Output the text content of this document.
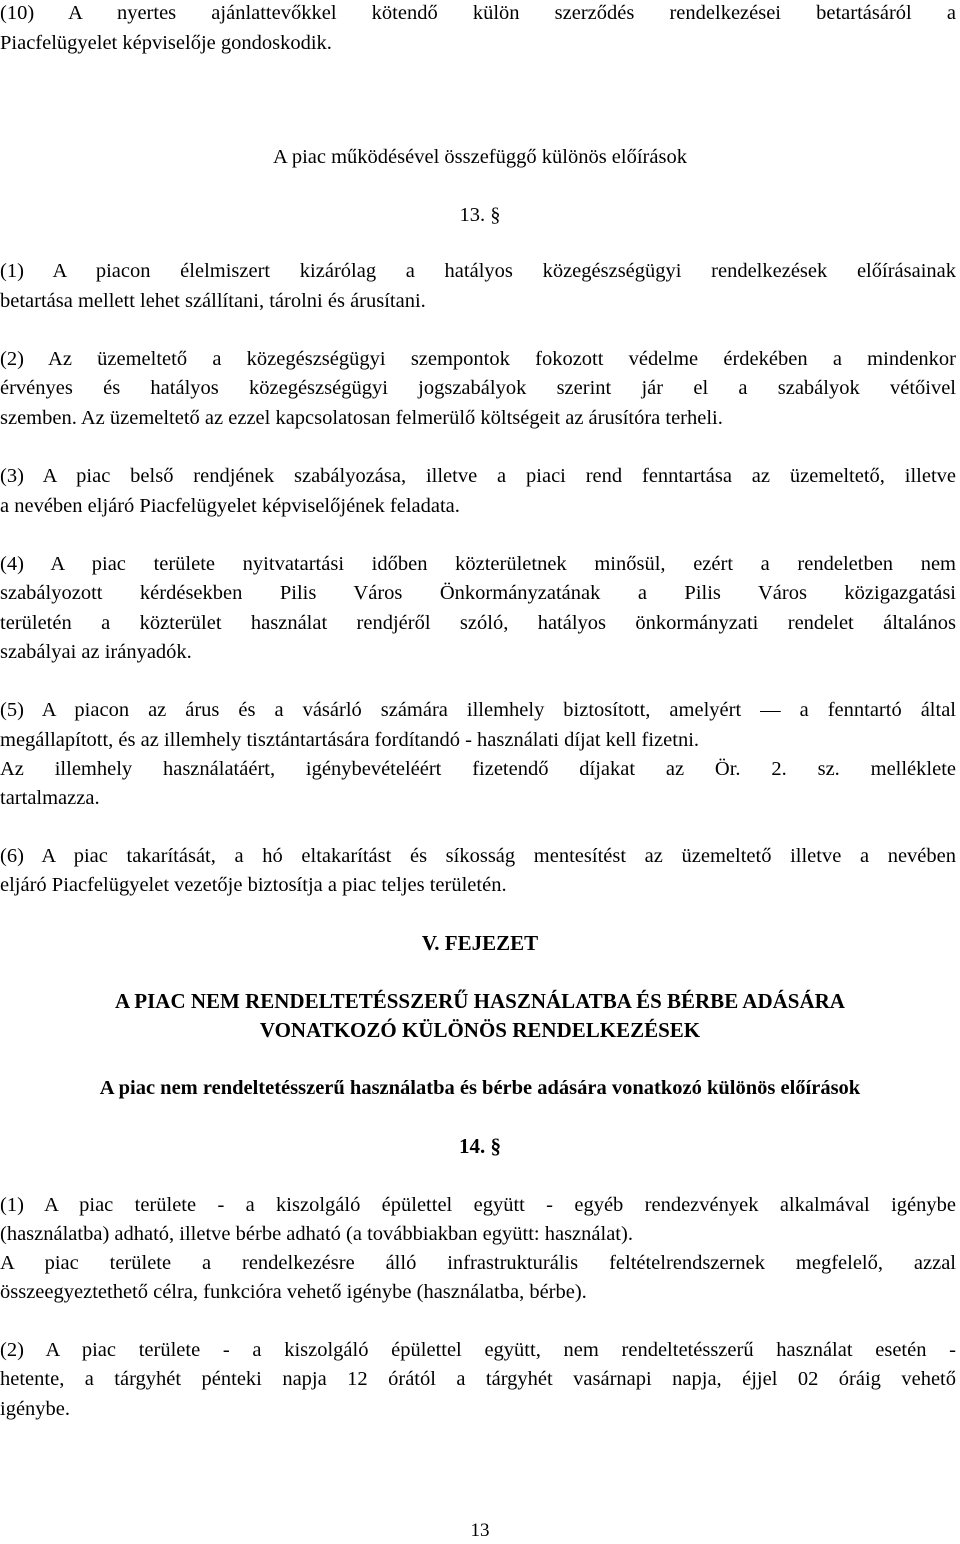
(10) A nyertes ajánlattevőkkel kötendő külön szerződés rendelkezései betartásáról a

Piacfelügyelet képviselője gondoskodik.

A piac működésével összefüggő különös előírások

13. §

(1) A piacon élelmiszert kizárólag a hatályos közegészségügyi rendelkezések előírásainak

betartása mellett lehet szállítani, tárolni és árusítani.

(2) Az üzemeltető a közegészségügyi szempontok fokozott védelme érdekében a mindenkor

érvényes és hatályos közegészségügyi jogszabályok szerint jár el a szabályok vétőivel

szemben. Az üzemeltető az ezzel kapcsolatosan felmerülő költségeit az árusítóra terheli.

(3) A piac belső rendjének szabályozása, illetve a piaci rend fenntartása az üzemeltető, illetve

a nevében eljáró Piacfelügyelet képviselőjének feladata.

(4) A piac területe nyitvatartási időben közterületnek minősül, ezért a rendeletben nem

szabályozott kérdésekben Pilis Város Önkormányzatának a Pilis Város közigazgatási

területén a közterület használat rendjéről szóló, hatályos önkormányzati rendelet általános

szabályai az irányadók.

(5) A piacon az árus és a vásárló számára illemhely biztosított, amelyért — a fenntartó által

megállapított, és az illemhely tisztántartására fordítandó - használati díjat kell fizetni.

Az illemhely használatáért, igénybevételéért fizetendő díjakat az Ör. 2. sz. melléklete

tartalmazza.

(6) A piac takarítását, a hó eltakarítást és síkosság mentesítést az üzemeltető illetve a nevében

eljáró Piacfelügyelet vezetője biztosítja a piac teljes területén.

V. FEJEZET

A PIAC NEM RENDELTETÉSSZERŰ HASZNÁLATBA ÉS BÉRBE ADÁSÁRA

VONATKOZÓ KÜLÖNÖS RENDELKEZÉSEK

A piac nem rendeltetésszerű használatba és bérbe adására vonatkozó különös előírások

14. §

(1) A piac területe - a kiszolgáló épülettel együtt - egyéb rendezvények alkalmával igénybe

(használatba) adható, illetve bérbe adható (a továbbiakban együtt: használat).

A piac területe a rendelkezésre álló infrastrukturális feltételrendszernek megfelelő, azzal

összeegyeztethető célra, funkcióra vehető igénybe (használatba, bérbe).

(2) A piac területe - a kiszolgáló épülettel együtt, nem rendeltetésszerű használat esetén -

hetente, a tárgyhét pénteki napja 12 órától a tárgyhét vasárnapi napja, éjjel 02 óráig vehető

igénybe.

13
